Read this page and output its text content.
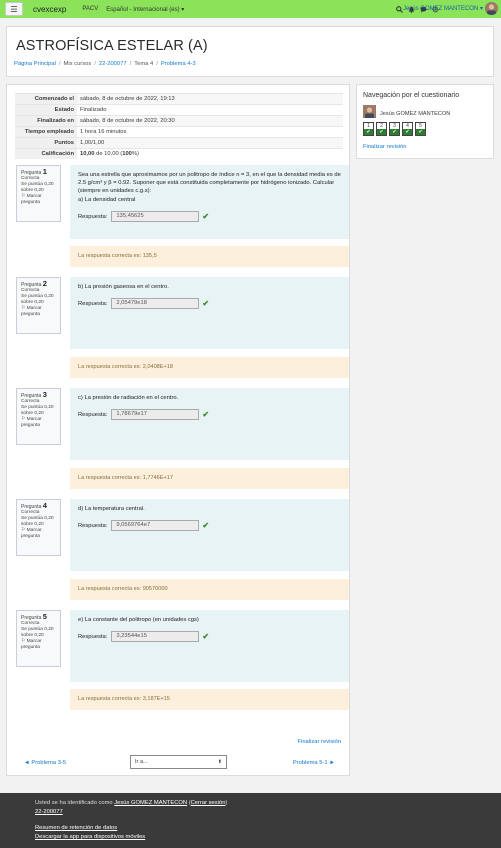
☰ cvexcexp	PACV Español - Internacional (es) ▾	Jesús GOMEZ MANTECON ▾
ASTROFÍSICA ESTELAR (A)
Página Principal / Mis cursos / 22-200077 / Tema 4 / Problema 4-3
Comenzado el	sábado, 8 de octubre de 2022, 19:13
Estado	Finalizado
Finalizado en	sábado, 8 de octubre de 2022, 20:30
Tiempo empleado	1 hora 16 minutos
Puntos	1,00/1,00
Calificación	10,00 de 10,00 (100%)
Pregunta 1
Correcta
Se puntúa 0,20 sobre 0,20
⚐ Marcar pregunta
Sea una estrella que aproximamos por un politropo de índice n = 3, en el que la densidad media es de 2.5 g/cm³ y β = 0.92. Suponer que está constituida completamente por hidrógeno ionizado. Calcular (siempre en unidades c.g.s):
a) La densidad central
Respuesta:	135,45625	✔
La respuesta correcta es: 135,5
Pregunta 2
Correcta
Se puntúa 0,20 sobre 0,20
⚐ Marcar pregunta
b) La presión gaseosa en el centro.
Respuesta:	2,05479e18	✔
La respuesta correcta es: 2,0408E+18
Pregunta 3
Correcta
Se puntúa 0,20 sobre 0,20
⚐ Marcar pregunta
c) La presión de radiación en el centro.
Respuesta:	1,78679e17	✔
La respuesta correcta es: 1,7746E+17
Pregunta 4
Correcta
Se puntúa 0,20 sobre 0,20
⚐ Marcar pregunta
d) La temperatura central.
Respuesta:	9,0569764e7	✔
La respuesta correcta es: 90570000
Pregunta 5
Correcta
Se puntúa 0,20 sobre 0,20
⚐ Marcar pregunta
e) La constante del politropo (en unidades cgs)
Respuesta:	3,23544e15	✔
La respuesta correcta es: 3,187E+15
Finalizar revisión
◄ Problema 3-5	Ir a...	⬍	Problema 5-1 ►
Navegación por el cuestionario
Jesús GOMEZ MANTECON
1
✔
2
✔
3
✔
4
✔
5
✔
Finalizar revisión
Usted se ha identificado como Jesús GOMEZ MANTECON (Cerrar sesión)
22-200077
Resumen de retención de datos
Descargar la app para dispositivos móviles
